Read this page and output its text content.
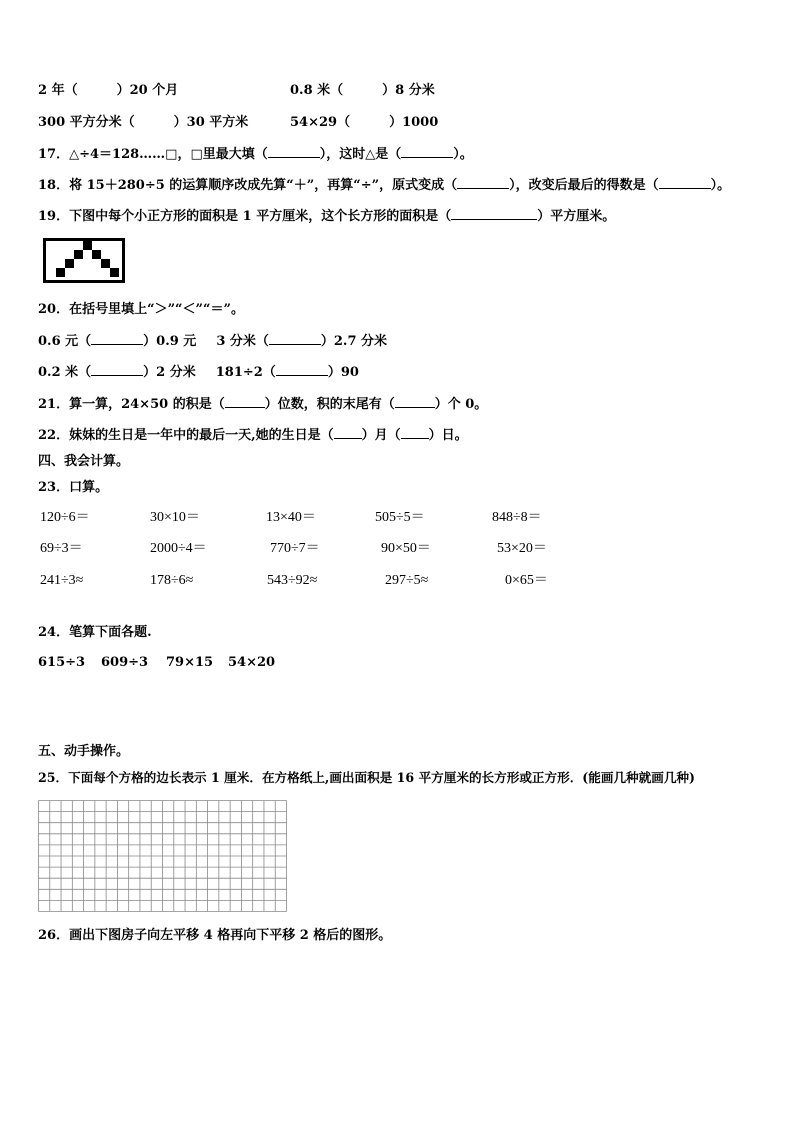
2 年（　　　）20 个月	0.8 米（　　　）8 分米
300 平方分米（　　　）30 平方米	54×29（　　　）1000
17．△÷4＝128……□，□里最大填（	），这时△是（	）。
18．将 15＋280÷5 的运算顺序改成先算“＋”，再算“÷”，原式变成（	），改变后最后的得数是（	）。
19．下图中每个小正方形的面积是 1 平方厘米，这个长方形的面积是（	）平方厘米。
20．在括号里填上“＞”“＜”“＝”。
0.6 元（	）0.9 元 3 分米（	）2.7 分米
0.2 米（	）2 分米 181÷2（	）90
21．算一算，24×50 的积是（	）位数，积的末尾有（	）个 0。
22．妹妹的生日是一年中的最后一天,她的生日是（ ）月（ ）日。
四、我会计算。
23．口算。
120÷6＝	30×10＝	13×40＝	505÷5＝	848÷8＝
69÷3＝	2000÷4＝	770÷7＝	90×50＝	53×20＝
241÷3≈	178÷6≈	543÷92≈	297÷5≈	0×65＝
24．笔算下面各题.
615÷3 609÷3 79×15 54×20
五、动手操作。
25．下面每个方格的边长表示 1 厘米．在方格纸上,画出面积是 16 平方厘米的长方形或正方形．(能画几种就画几种)
26．画出下图房子向左平移 4 格再向下平移 2 格后的图形。
